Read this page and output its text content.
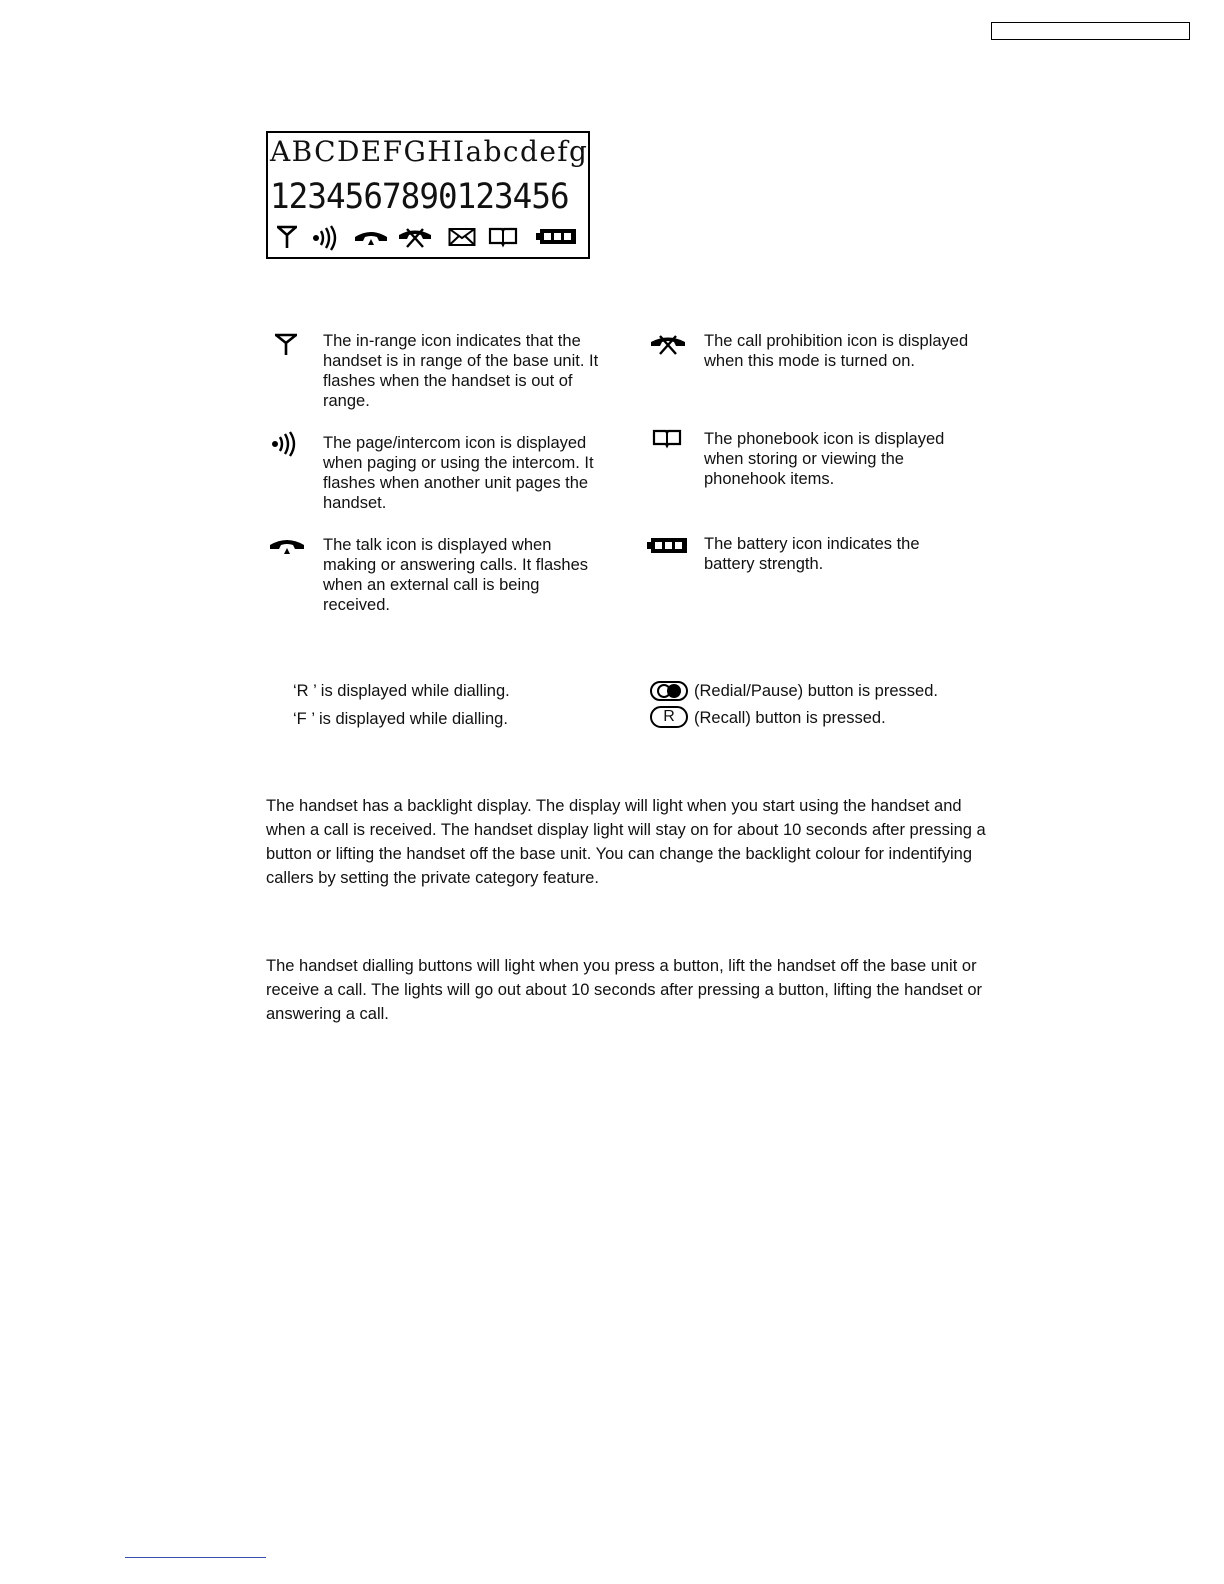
ABCDEFGHIabcdefg
1234567890123456
The in-range icon indicates that the handset is in range of the base unit. It flashes when the handset is out of range.
The page/intercom icon is displayed when paging or using the intercom. It flashes when another unit pages the handset.
The talk icon is displayed when making or answering calls. It flashes when an external call is being received.
The call prohibition icon is displayed when this mode is turned on.
The phonebook icon is displayed when storing or viewing the phonehook items.
The battery icon indicates the battery strength.
‘R ’ is displayed while dialling.
‘F ’ is displayed while dialling.
(Redial/Pause) button is pressed.
R	(Recall) button is pressed.
The handset has a backlight display. The display will light when you start using the handset and when a call is received. The handset display light will stay on for about 10 seconds after pressing a button or lifting the handset off the base unit. You can change the backlight colour for indentifying callers by setting the private category feature.
The handset dialling buttons will light when you press a button, lift the handset off the base unit or receive a call. The lights will go out about 10 seconds after pressing a button, lifting the handset or answering a call.
